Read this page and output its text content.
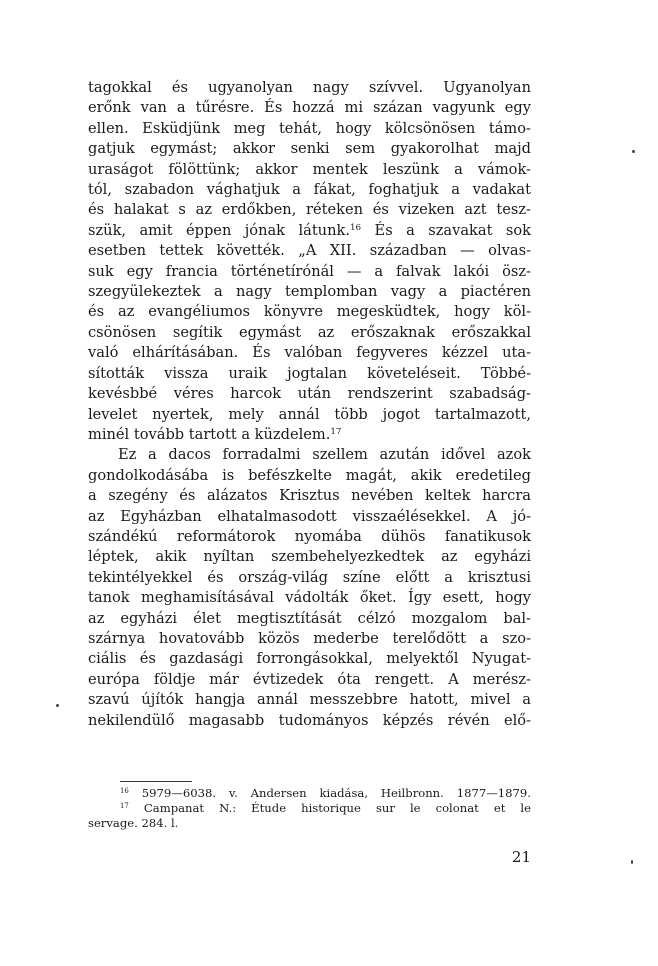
tagokkal és ugyanolyan nagy szívvel. Ugyanolyan
erőnk van a tűrésre. És hozzá mi százan vagyunk egy
ellen. Esküdjünk meg tehát, hogy kölcsönösen támo-
gatjuk egymást; akkor senki sem gyakorolhat majd
uraságot fölöttünk; akkor mentek leszünk a vámok-
tól, szabadon vághatjuk a fákat, foghatjuk a vadakat
és halakat s az erdőkben, réteken és vizeken azt tesz-
szük, amit éppen jónak látunk.$^{16}$ És a szavakat sok
esetben tettek követték. „A XII. században — olvas-
suk egy francia történetírónál — a falvak lakói ösz-
szegyülekeztek a nagy templomban vagy a piactéren
és az evangéliumos könyvre megesküdtek, hogy köl-
csönösen segítik egymást az erőszaknak erőszakkal
való elhárításában. És valóban fegyveres kézzel uta-
sították vissza uraik jogtalan követeléseit. Többé-
kevésbbé véres harcok után rendszerint szabadság-
levelet nyertek, mely annál több jogot tartalmazott,
minél tovább tartott a küzdelem.$^{17}$

Ez a dacos forradalmi szellem azután idővel azok
gondolkodásába is befészkelte magát, akik eredetileg
a szegény és alázatos Krisztus nevében keltek harcra
az Egyházban elhatalmasodott visszaélésekkel. A jó-
szándékú reformátorok nyomába dühös fanatikusok
léptek, akik nyíltan szembehelyezkedtek az egyházi
tekintélyekkel és ország-világ színe előtt a krisztusi
tanok meghamisításával vádolták őket. Így esett, hogy
az egyházi élet megtisztítását célzó mozgalom bal-
szárnya hovatovább közös mederbe terelődött a szo-
ciális és gazdasági forrongásokkal, melyektől Nyugat-
európa földje már évtizedek óta rengett. A merész-
szavú újítók hangja annál messzebbre hatott, mivel a
nekilendülő magasabb tudományos képzés révén elő-
$^{16}$ 5979—6038. v. Andersen kiadása, Heilbronn. 1877—1879.
$^{17}$ Campanat N.: Étude historique sur le colonat et le
servage. 284. l.
21
